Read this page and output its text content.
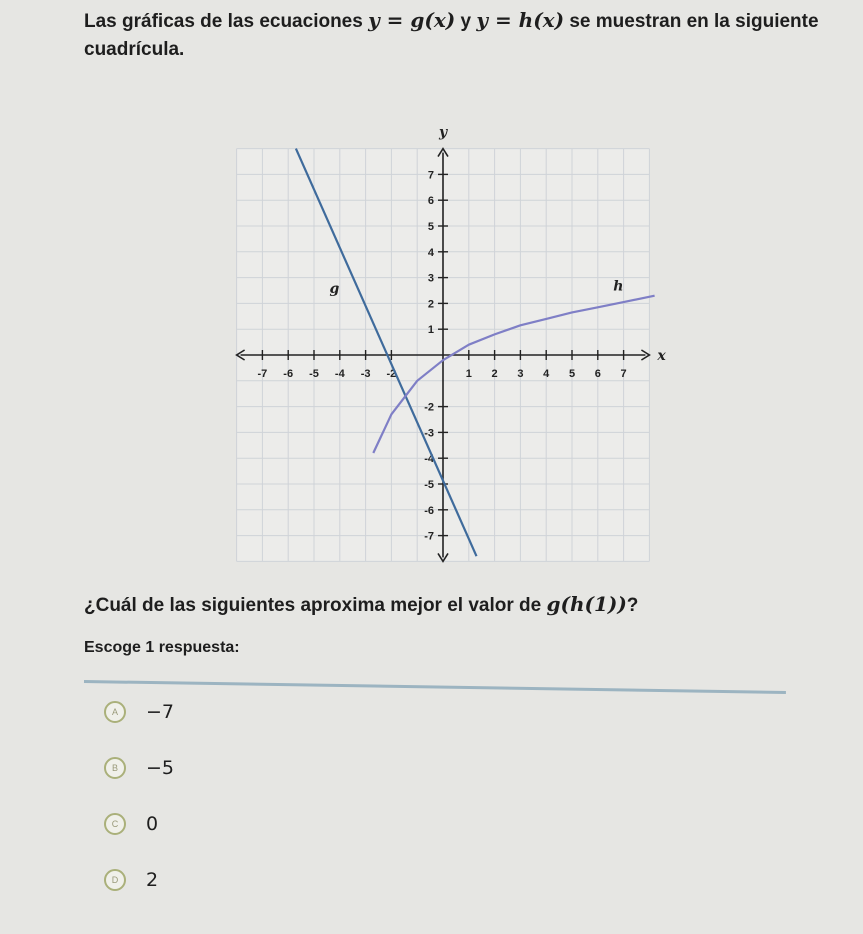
Las gráficas de las ecuaciones y = g(x) y y = h(x) se muestran en la siguiente cuadrícula.
x
y
-7 -6 -5 -4 -3 -2	1 2 3 4 5 6 7
7
6
5
4
3
2
1
-2
-3
-4
-5
-6
-7
g	h
¿Cuál de las siguientes aproxima mejor el valor de g(h(1))?
Escoge 1 respuesta:
A	−7
B	−5
C	0
D	2
